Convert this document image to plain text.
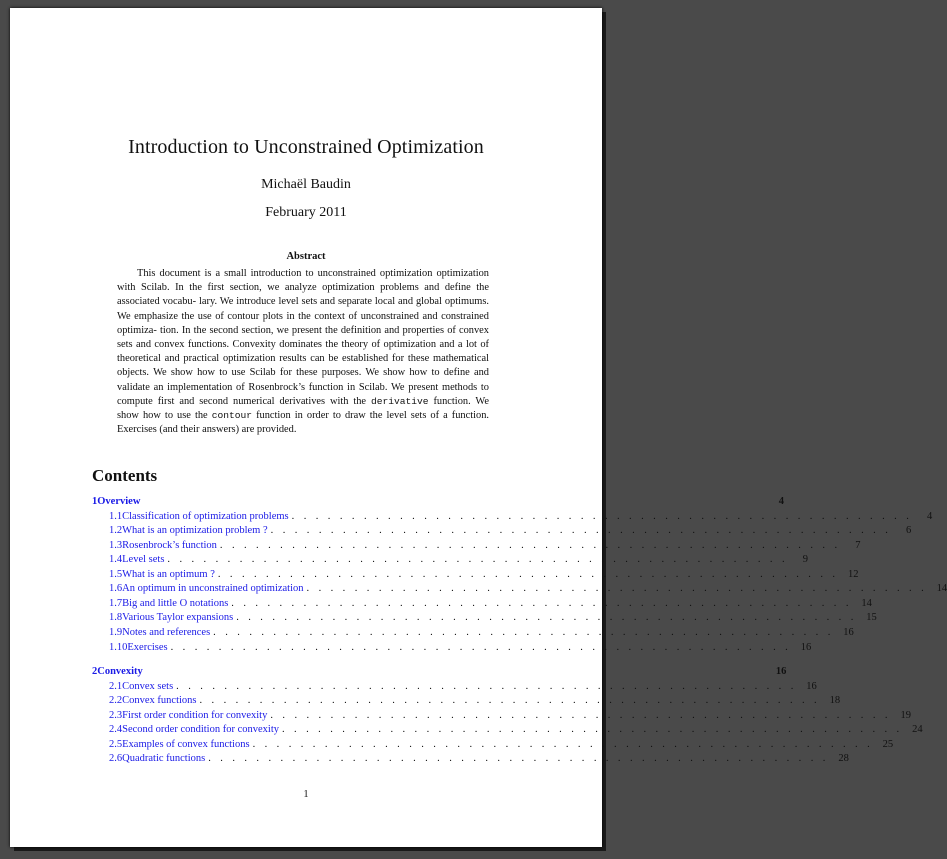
Introduction to Unconstrained Optimization
Michaël Baudin
February 2011
Abstract
This document is a small introduction to unconstrained optimization optimization with Scilab. In the first section, we analyze optimization problems and define the associated vocabu- lary. We introduce level sets and separate local and global optimums. We emphasize the use of contour plots in the context of unconstrained and constrained optimiza- tion. In the second section, we present the definition and properties of convex sets and convex functions. Convexity dominates the theory of optimization and a lot of theoretical and practical optimization results can be established for these mathematical objects. We show how to use Scilab for these purposes. We show how to define and validate an implementation of Rosenbrock’s function in Scilab. We present methods to compute first and second numerical derivatives with the derivative function. We show how to use the contour function in order to draw the level sets of a function. Exercises (and their answers) are provided.
Contents
1 Overview	4
1.1 Classification of optimization problems . . . . . . . . . . . . . . . . . . . . . . . . . . . . . . . . . . . . . . . . . . . . . . . . . . . .	4
1.2 What is an optimization problem ? . . . . . . . . . . . . . . . . . . . . . . . . . . . . . . . . . . . . . . . . . . . . . . . . . . . .	6
1.3 Rosenbrock’s function . . . . . . . . . . . . . . . . . . . . . . . . . . . . . . . . . . . . . . . . . . . . . . . . . . . .	7
1.4 Level sets . . . . . . . . . . . . . . . . . . . . . . . . . . . . . . . . . . . . . . . . . . . . . . . . . . . .	9
1.5 What is an optimum ? . . . . . . . . . . . . . . . . . . . . . . . . . . . . . . . . . . . . . . . . . . . . . . . . . . . . 12
1.6 An optimum in unconstrained optimization . . . . . . . . . . . . . . . . . . . . . . . . . . . . . . . . . . . . . . . . . . . . . . . . . . . . 14
1.7 Big and little O notations . . . . . . . . . . . . . . . . . . . . . . . . . . . . . . . . . . . . . . . . . . . . . . . . . . . . 14
1.8 Various Taylor expansions . . . . . . . . . . . . . . . . . . . . . . . . . . . . . . . . . . . . . . . . . . . . . . . . . . . . 15
1.9 Notes and references . . . . . . . . . . . . . . . . . . . . . . . . . . . . . . . . . . . . . . . . . . . . . . . . . . . . 16
1.10 Exercises . . . . . . . . . . . . . . . . . . . . . . . . . . . . . . . . . . . . . . . . . . . . . . . . . . . . 16
2 Convexity	16
2.1 Convex sets . . . . . . . . . . . . . . . . . . . . . . . . . . . . . . . . . . . . . . . . . . . . . . . . . . . . 16
2.2 Convex functions . . . . . . . . . . . . . . . . . . . . . . . . . . . . . . . . . . . . . . . . . . . . . . . . . . . . 18
2.3 First order condition for convexity . . . . . . . . . . . . . . . . . . . . . . . . . . . . . . . . . . . . . . . . . . . . . . . . . . . . 19
2.4 Second order condition for convexity . . . . . . . . . . . . . . . . . . . . . . . . . . . . . . . . . . . . . . . . . . . . . . . . . . . . 24
2.5 Examples of convex functions . . . . . . . . . . . . . . . . . . . . . . . . . . . . . . . . . . . . . . . . . . . . . . . . . . . . 25
2.6 Quadratic functions . . . . . . . . . . . . . . . . . . . . . . . . . . . . . . . . . . . . . . . . . . . . . . . . . . . . 28
1
